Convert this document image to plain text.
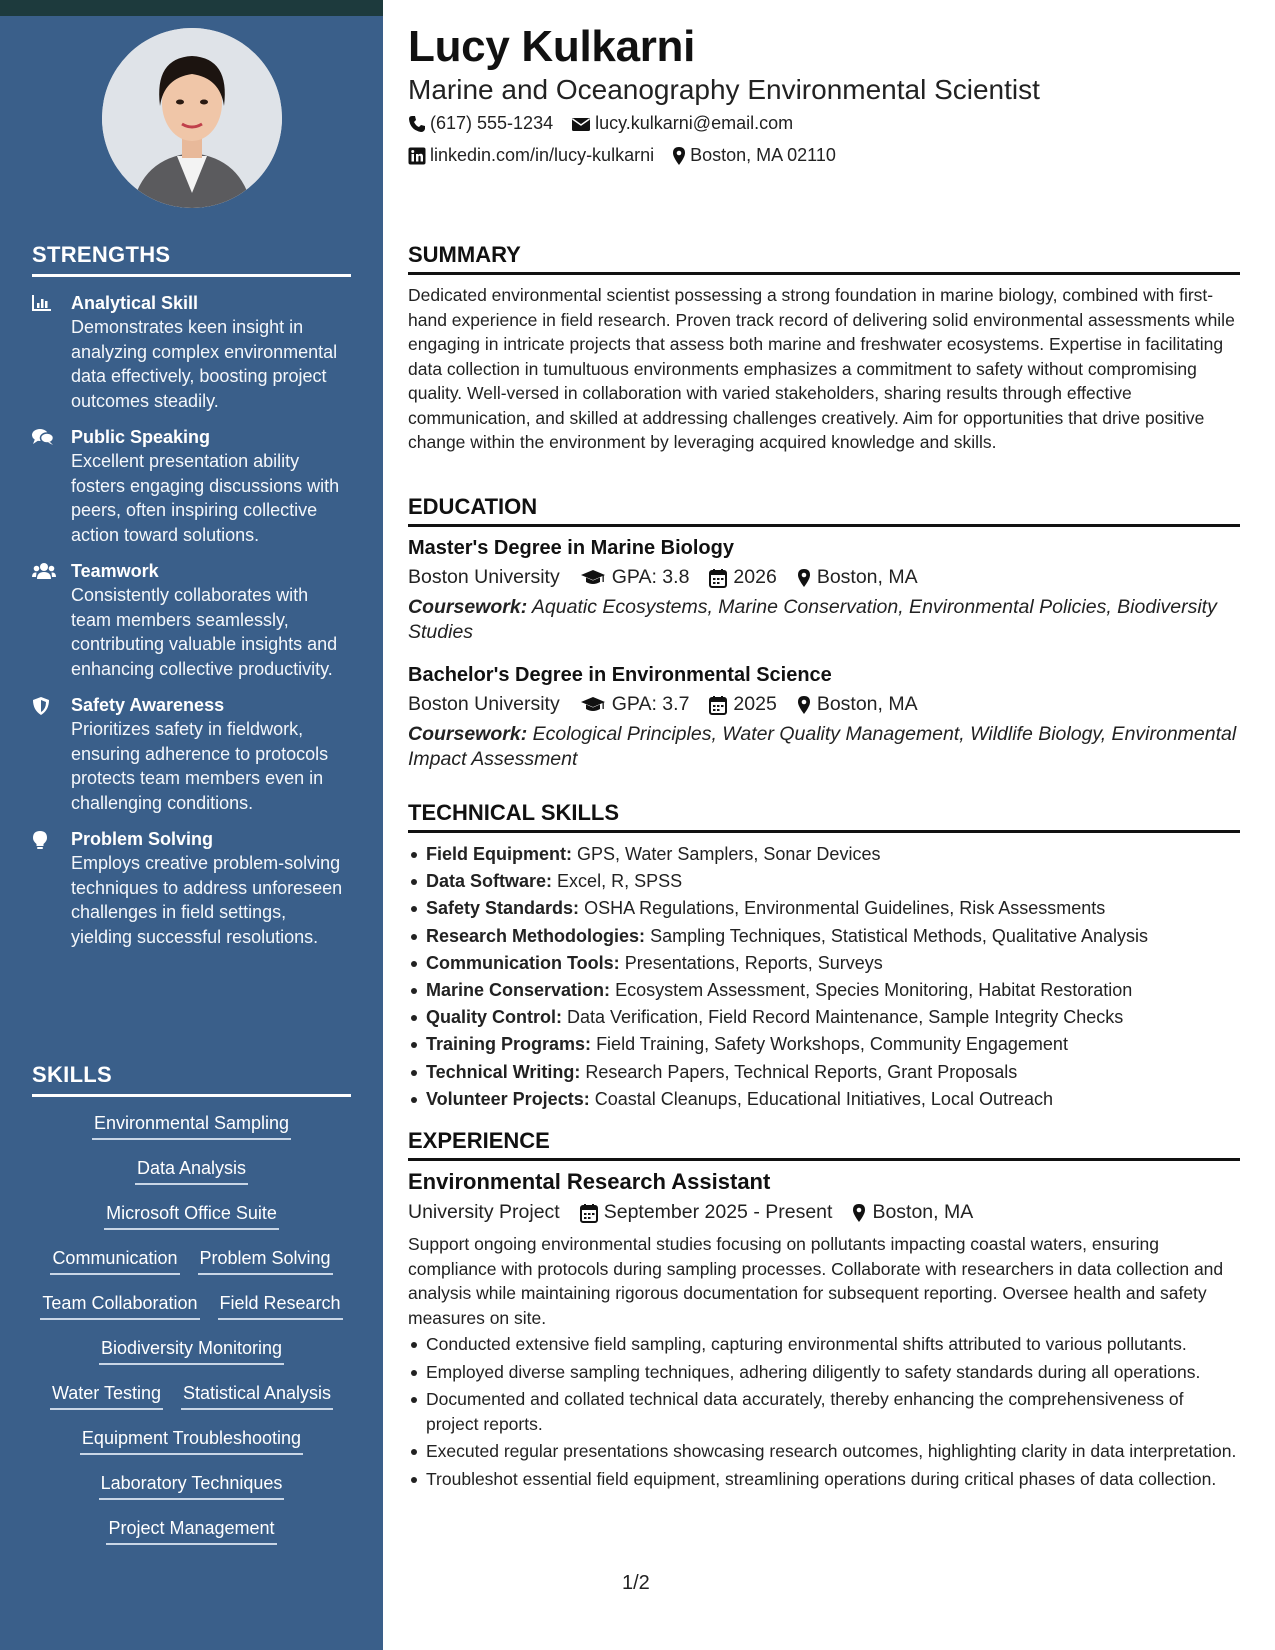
STRENGTHS
Analytical Skill
Demonstrates keen insight in analyzing complex environmental data effectively, boosting project outcomes steadily.
Public Speaking
Excellent presentation ability fosters engaging discussions with peers, often inspiring collective action toward solutions.
Teamwork
Consistently collaborates with team members seamlessly, contributing valuable insights and enhancing collective productivity.
Safety Awareness
Prioritizes safety in fieldwork, ensuring adherence to protocols protects team members even in challenging conditions.
Problem Solving
Employs creative problem-solving techniques to address unforeseen challenges in field settings, yielding successful resolutions.
SKILLS
Environmental Sampling
Data Analysis
Microsoft Office Suite
Communication Problem Solving
Team Collaboration Field Research
Biodiversity Monitoring
Water Testing Statistical Analysis
Equipment Troubleshooting
Laboratory Techniques
Project Management
Lucy Kulkarni
Marine and Oceanography Environmental Scientist
(617) 555-1234 lucy.kulkarni@email.com
linkedin.com/in/lucy-kulkarni Boston, MA 02110
SUMMARY
Dedicated environmental scientist possessing a strong foundation in marine biology, combined with first-hand experience in field research. Proven track record of delivering solid environmental assessments while engaging in intricate projects that assess both marine and freshwater ecosystems. Expertise in facilitating data collection in tumultuous environments emphasizes a commitment to safety without compromising quality. Well-versed in collaboration with varied stakeholders, sharing results through effective communication, and skilled at addressing challenges creatively. Aim for opportunities that drive positive change within the environment by leveraging acquired knowledge and skills.
EDUCATION
Master's Degree in Marine Biology
Boston University	GPA: 3.8 2026 Boston, MA
Coursework: Aquatic Ecosystems, Marine Conservation, Environmental Policies, Biodiversity Studies
Bachelor's Degree in Environmental Science
Boston University	GPA: 3.7 2025 Boston, MA
Coursework: Ecological Principles, Water Quality Management, Wildlife Biology, Environmental Impact Assessment
TECHNICAL SKILLS
Field Equipment: GPS, Water Samplers, Sonar Devices
Data Software: Excel, R, SPSS
Safety Standards: OSHA Regulations, Environmental Guidelines, Risk Assessments
Research Methodologies: Sampling Techniques, Statistical Methods, Qualitative Analysis
Communication Tools: Presentations, Reports, Surveys
Marine Conservation: Ecosystem Assessment, Species Monitoring, Habitat Restoration
Quality Control: Data Verification, Field Record Maintenance, Sample Integrity Checks
Training Programs: Field Training, Safety Workshops, Community Engagement
Technical Writing: Research Papers, Technical Reports, Grant Proposals
Volunteer Projects: Coastal Cleanups, Educational Initiatives, Local Outreach
EXPERIENCE
Environmental Research Assistant
University Project September 2025 - Present Boston, MA
Support ongoing environmental studies focusing on pollutants impacting coastal waters, ensuring compliance with protocols during sampling processes. Collaborate with researchers in data collection and analysis while maintaining rigorous documentation for subsequent reporting. Oversee health and safety measures on site.
Conducted extensive field sampling, capturing environmental shifts attributed to various pollutants.
Employed diverse sampling techniques, adhering diligently to safety standards during all operations.
Documented and collated technical data accurately, thereby enhancing the comprehensiveness of project reports.
Executed regular presentations showcasing research outcomes, highlighting clarity in data interpretation.
Troubleshot essential field equipment, streamlining operations during critical phases of data collection.
1/2
